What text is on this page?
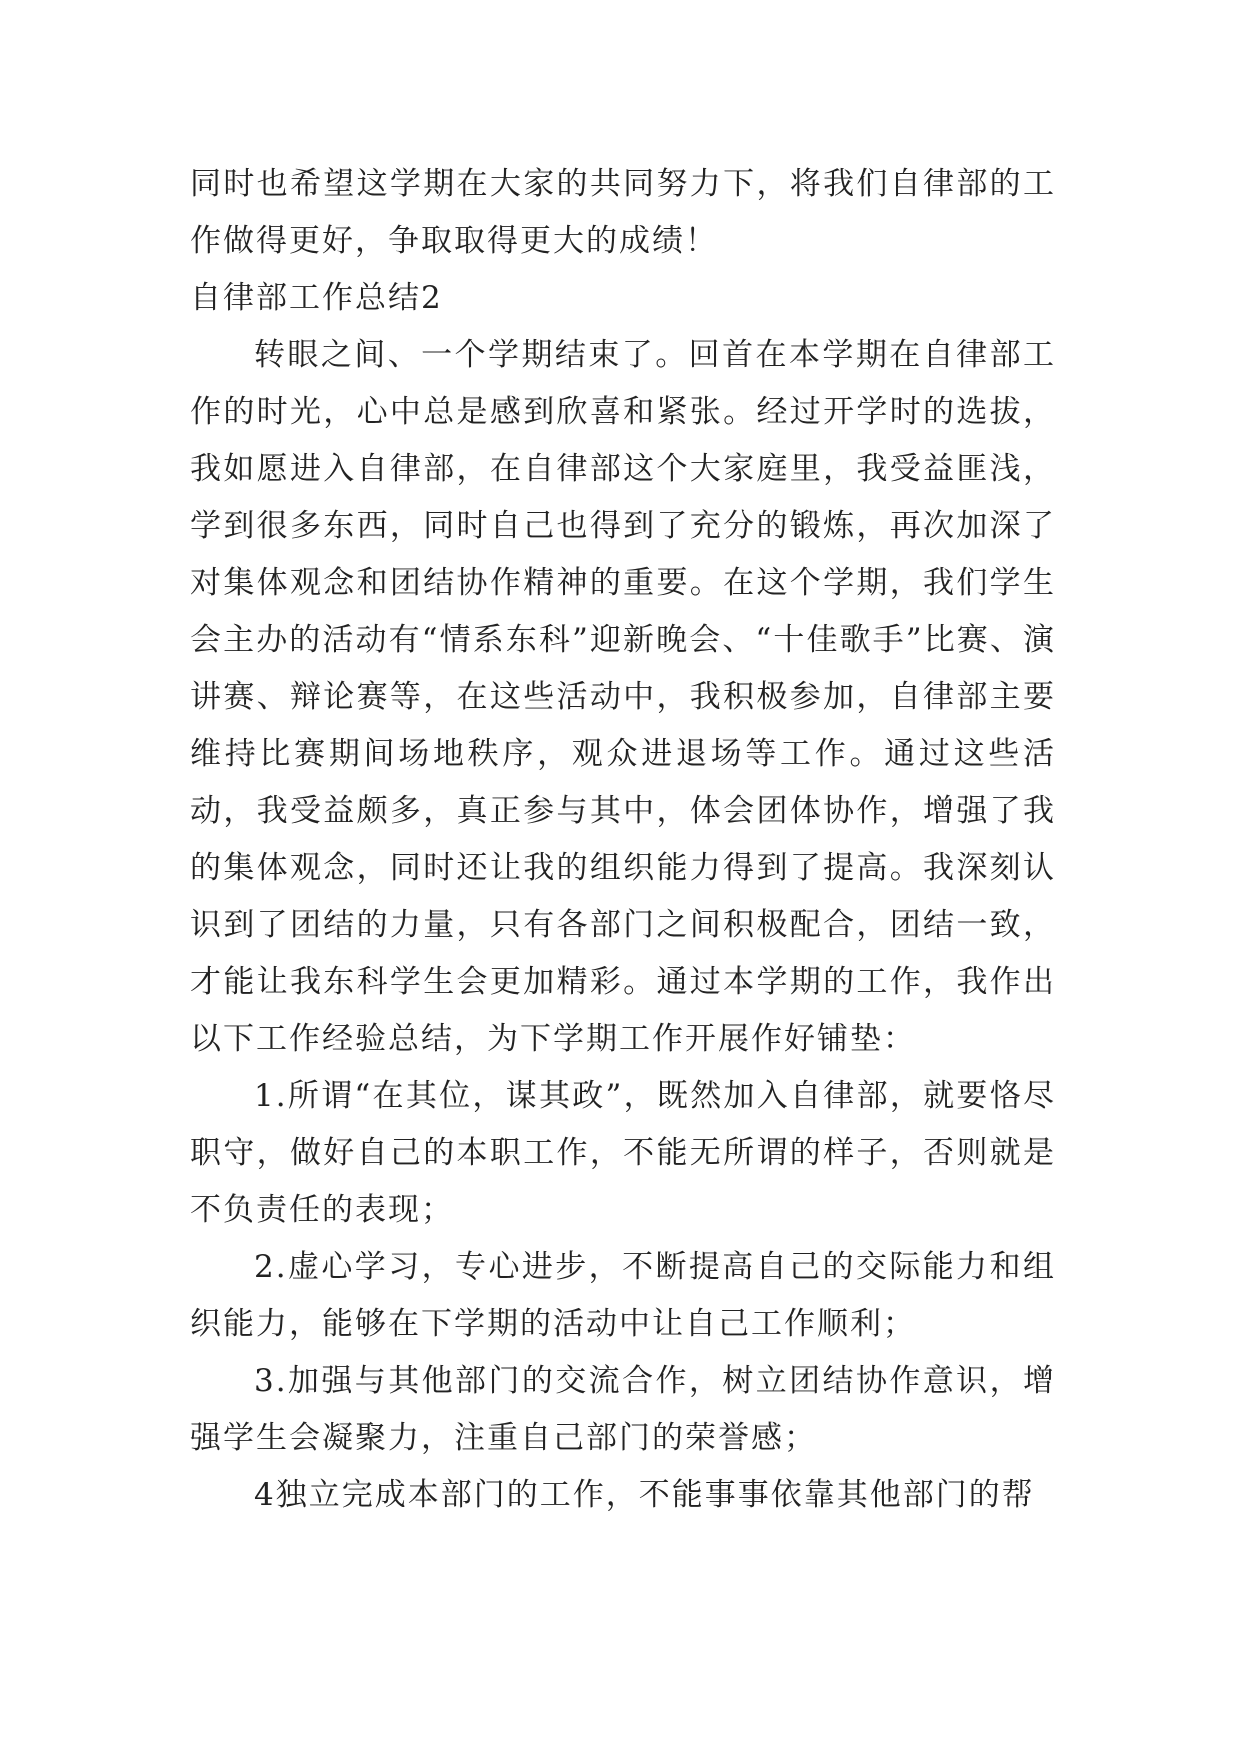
同时也希望这学期在大家的共同努力下，将我们自律部的工作做得更好，争取取得更大的成绩！

自律部工作总结2

转眼之间、一个学期结束了。回首在本学期在自律部工作的时光，心中总是感到欣喜和紧张。经过开学时的选拔，我如愿进入自律部，在自律部这个大家庭里，我受益匪浅，学到很多东西，同时自己也得到了充分的锻炼，再次加深了对集体观念和团结协作精神的重要。在这个学期，我们学生会主办的活动有“情系东科”迎新晚会、“十佳歌手”比赛、演讲赛、辩论赛等，在这些活动中，我积极参加，自律部主要维持比赛期间场地秩序，观众进退场等工作。通过这些活动，我受益颇多，真正参与其中，体会团体协作，增强了我的集体观念，同时还让我的组织能力得到了提高。我深刻认识到了团结的力量，只有各部门之间积极配合，团结一致，才能让我东科学生会更加精彩。通过本学期的工作，我作出以下工作经验总结，为下学期工作开展作好铺垫：

1.所谓“在其位，谋其政”，既然加入自律部，就要恪尽职守，做好自己的本职工作，不能无所谓的样子，否则就是不负责任的表现；

2.虚心学习，专心进步，不断提高自己的交际能力和组织能力，能够在下学期的活动中让自己工作顺利；

3.加强与其他部门的交流合作，树立团结协作意识，增强学生会凝聚力，注重自己部门的荣誉感；

4独立完成本部门的工作，不能事事依靠其他部门的帮
